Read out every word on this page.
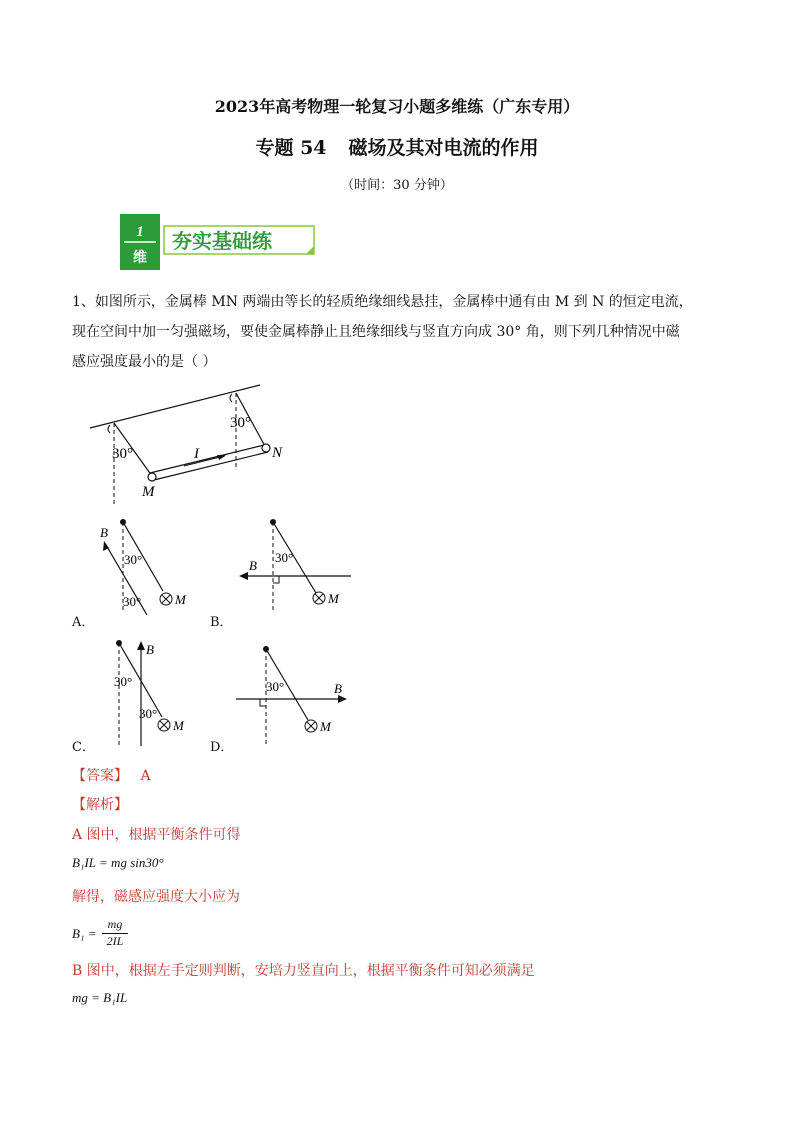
2023年高考物理一轮复习小题多维练（广东专用）
专题 54 磁场及其对电流的作用
（时间：30 分钟）
1
维
夯实基础练
1、如图所示，金属棒 MN 两端由等长的轻质绝缘细线悬挂，金属棒中通有由 M 到 N 的恒定电流，
现在空间中加一匀强磁场，要使金属棒静止且绝缘细线与竖直方向成 30° 角，则下列几种情况中磁
感应强度最小的是（ ）
I
30°
30°
M
N
B
M
30°
30°
A．
B
M
30°
B．
B
M
30°
30°
C．
B
M
30°
D．
【答案】 A
【解析】
A 图中，根据平衡条件可得
B₁IL = mg sin30°
解得，磁感应强度大小应为
B₁ =
mg
2IL
B 图中，根据左手定则判断，安培力竖直向上，根据平衡条件可知必须满足
mg = B₁IL
